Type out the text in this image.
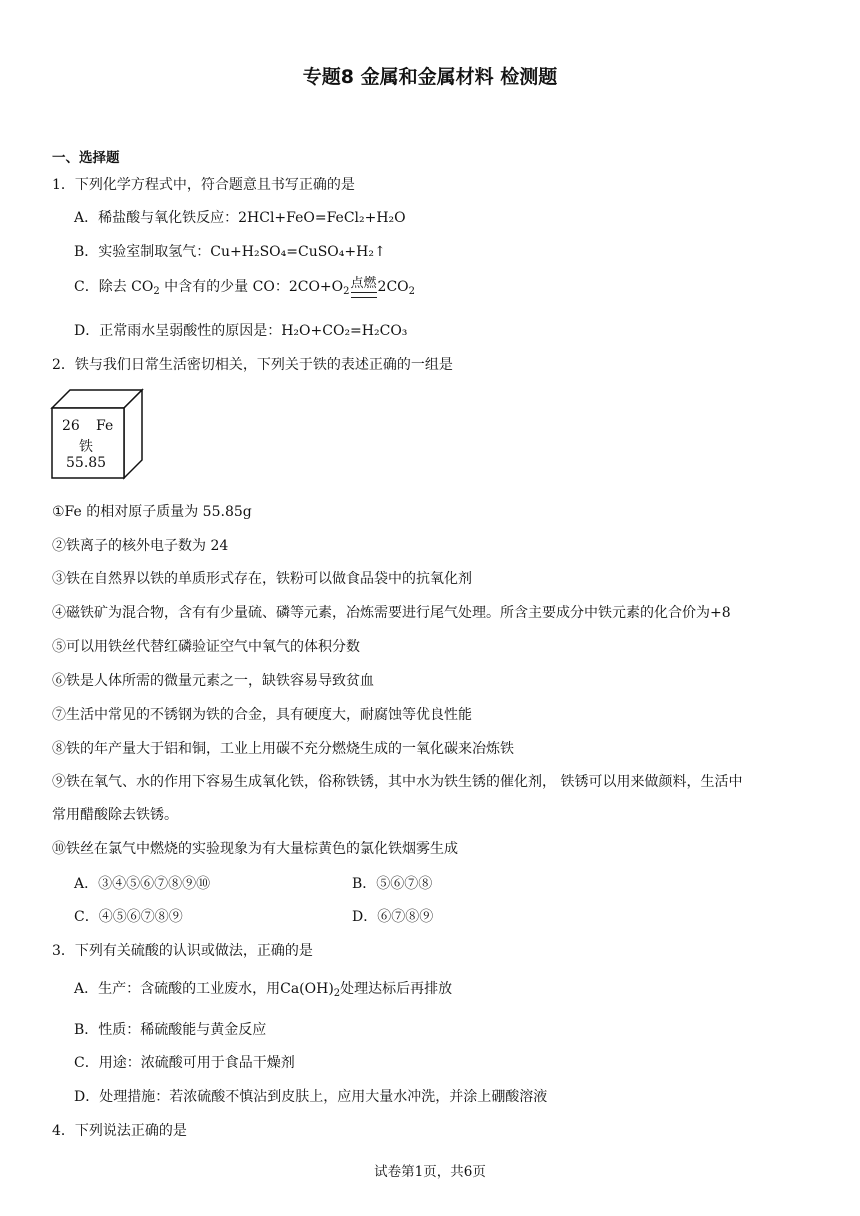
专题8 金属和金属材料 检测题
一、选择题
1．下列化学方程式中，符合题意且书写正确的是
A．稀盐酸与氧化铁反应：2HCl+FeO=FeCl₂+H₂O
B．实验室制取氢气：Cu+H₂SO₄=CuSO₄+H₂↑
C．除去 $CO_2$ 中含有的少量 CO：$2CO+O_2$
点燃 $2CO_2$
D．正常雨水呈弱酸性的原因是：H₂O+CO₂=H₂CO₃
2．铁与我们日常生活密切相关，下列关于铁的表述正确的一组是
26 Fe
铁
55.85
①Fe 的相对原子质量为 55.85g
②铁离子的核外电子数为 24
③铁在自然界以铁的单质形式存在，铁粉可以做食品袋中的抗氧化剂
④磁铁矿为混合物，含有有少量硫、磷等元素，冶炼需要进行尾气处理。所含主要成分中铁元素的化合价为+8
⑤可以用铁丝代替红磷验证空气中氧气的体积分数
⑥铁是人体所需的微量元素之一，缺铁容易导致贫血
⑦生活中常见的不锈钢为铁的合金，具有硬度大，耐腐蚀等优良性能
⑧铁的年产量大于铝和铜，工业上用碳不充分燃烧生成的一氧化碳来冶炼铁
⑨铁在氧气、水的作用下容易生成氧化铁，俗称铁锈，其中水为铁生锈的催化剂， 铁锈可以用来做颜料，生活中
常用醋酸除去铁锈。
⑩铁丝在氯气中燃烧的实验现象为有大量棕黄色的氯化铁烟雾生成
A．③④⑤⑥⑦⑧⑨⑩	B．⑤⑥⑦⑧
C．④⑤⑥⑦⑧⑨	D．⑥⑦⑧⑨
3．下列有关硫酸的认识或做法，正确的是
A．生产：含硫酸的工业废水，用$Ca(OH)_2$处理达标后再排放
B．性质：稀硫酸能与黄金反应
C．用途：浓硫酸可用于食品干燥剂
D．处理措施：若浓硫酸不慎沾到皮肤上，应用大量水冲洗，并涂上硼酸溶液
4．下列说法正确的是
试卷第1页，共6页
